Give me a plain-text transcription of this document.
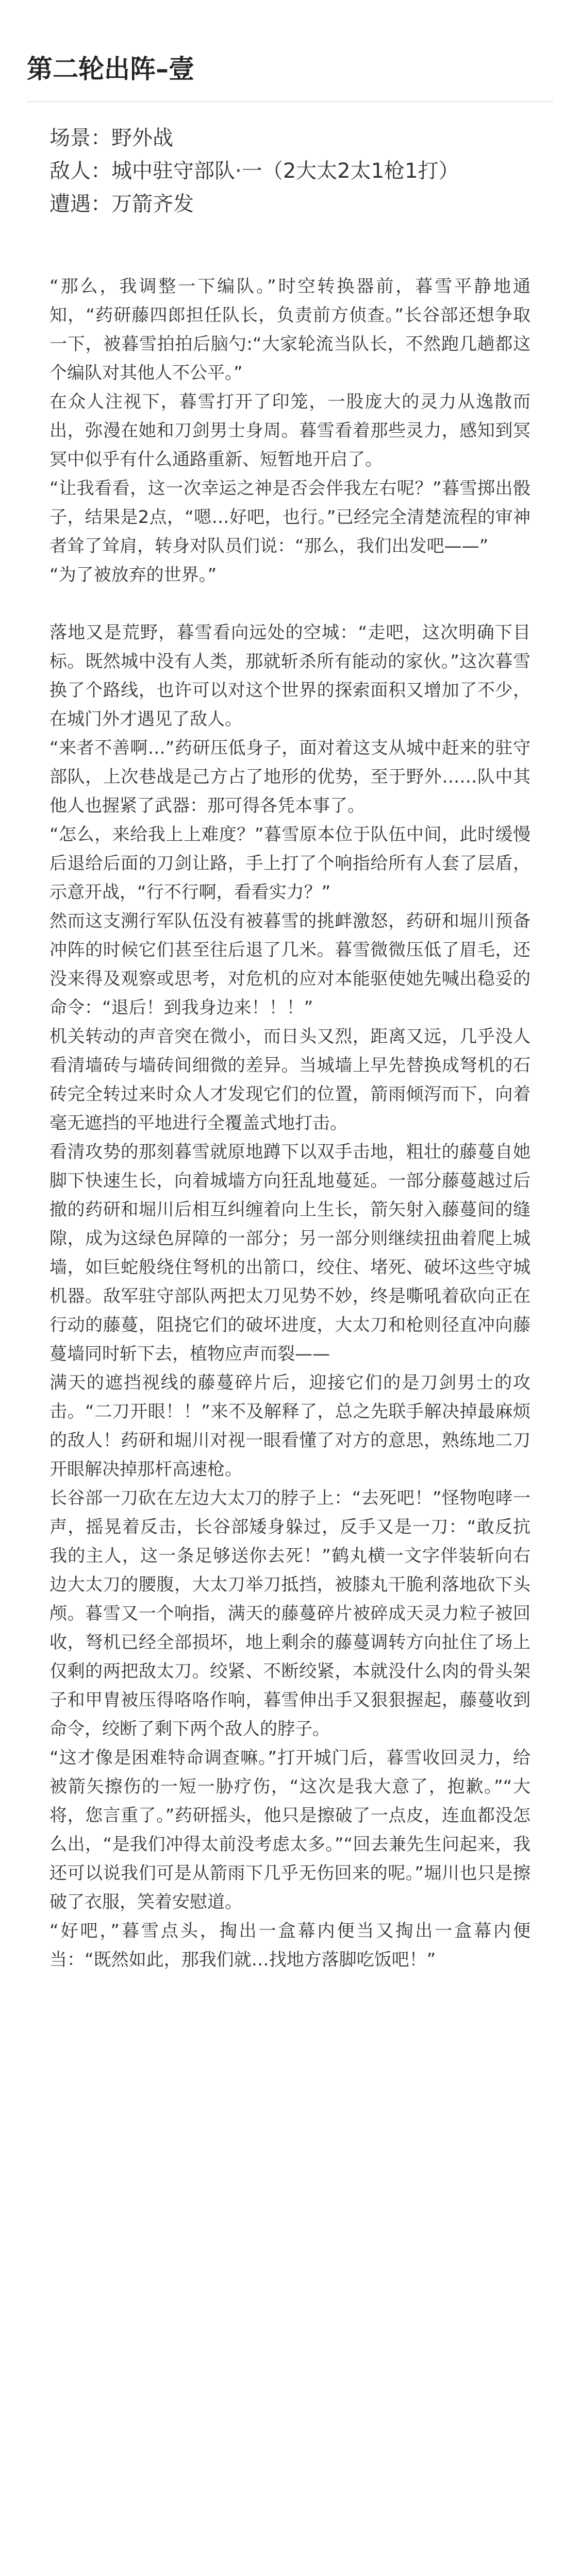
第二轮出阵–壹

场景：野外战

敌人：城中驻守部队·一（2大太2太1枪1打）

遭遇：万箭齐发

“那么，我调整一下编队。”时空转换器前，暮雪平静地通知，“药研藤四郎担任队长，负责前方侦查。”长谷部还想争取一下，被暮雪拍拍后脑勺:“大家轮流当队长，不然跑几趟都这个编队对其他人不公平。”

在众人注视下，暮雪打开了印笼，一股庞大的灵力从逸散而出，弥漫在她和刀剑男士身周。暮雪看着那些灵力，感知到冥冥中似乎有什么通路重新、短暂地开启了。

“让我看看，这一次幸运之神是否会伴我左右呢？”暮雪掷出骰子，结果是2点，“嗯…好吧，也行。”已经完全清楚流程的审神者耸了耸肩，转身对队员们说：“那么，我们出发吧——”

“为了被放弃的世界。”

落地又是荒野，暮雪看向远处的空城：“走吧，这次明确下目标。既然城中没有人类，那就斩杀所有能动的家伙。”这次暮雪换了个路线，也许可以对这个世界的探索面积又增加了不少，在城门外才遇见了敌人。

“来者不善啊…”药研压低身子，面对着这支从城中赶来的驻守部队，上次巷战是己方占了地形的优势，至于野外……队中其他人也握紧了武器：那可得各凭本事了。

“怎么，来给我上上难度？”暮雪原本位于队伍中间，此时缓慢后退给后面的刀剑让路，手上打了个响指给所有人套了层盾，示意开战，“行不行啊，看看实力？”

然而这支溯行军队伍没有被暮雪的挑衅激怒，药研和堀川预备冲阵的时候它们甚至往后退了几米。暮雪微微压低了眉毛，还没来得及观察或思考，对危机的应对本能驱使她先喊出稳妥的命令：“退后！到我身边来！！！”

机关转动的声音突在微小，而日头又烈，距离又远，几乎没人看清墙砖与墙砖间细微的差异。当城墙上早先替换成弩机的石砖完全转过来时众人才发现它们的位置，箭雨倾泻而下，向着毫无遮挡的平地进行全覆盖式地打击。

看清攻势的那刻暮雪就原地蹲下以双手击地，粗壮的藤蔓自她脚下快速生长，向着城墙方向狂乱地蔓延。一部分藤蔓越过后撤的药研和堀川后相互纠缠着向上生长，箭矢射入藤蔓间的缝隙，成为这绿色屏障的一部分；另一部分则继续扭曲着爬上城墙，如巨蛇般绕住弩机的出箭口，绞住、堵死、破坏这些守城机器。敌军驻守部队两把太刀见势不妙，终是嘶吼着砍向正在行动的藤蔓，阻挠它们的破坏进度，大太刀和枪则径直冲向藤蔓墙同时斩下去，植物应声而裂——

满天的遮挡视线的藤蔓碎片后，迎接它们的是刀剑男士的攻击。“二刀开眼！！”来不及解释了，总之先联手解决掉最麻烦的敌人！药研和堀川对视一眼看懂了对方的意思，熟练地二刀开眼解决掉那杆高速枪。

长谷部一刀砍在左边大太刀的脖子上：“去死吧！”怪物咆哮一声，摇晃着反击，长谷部矮身躲过，反手又是一刀：“敢反抗我的主人，这一条足够送你去死！”鹤丸横一文字伴装斩向右边大太刀的腰腹，大太刀举刀抵挡，被膝丸干脆利落地砍下头颅。暮雪又一个响指，满天的藤蔓碎片被碎成天灵力粒子被回收，弩机已经全部损坏，地上剩余的藤蔓调转方向扯住了场上仅剩的两把敌太刀。绞紧、不断绞紧，本就没什么肉的骨头架子和甲胄被压得咯咯作响，暮雪伸出手又狠狠握起，藤蔓收到命令，绞断了剩下两个敌人的脖子。

“这才像是困难特命调查嘛。”打开城门后，暮雪收回灵力，给被箭矢擦伤的一短一胁疗伤，“这次是我大意了，抱歉。”“大将，您言重了。”药研摇头，他只是擦破了一点皮，连血都没怎么出，“是我们冲得太前没考虑太多。”“回去兼先生问起来，我还可以说我们可是从箭雨下几乎无伤回来的呢。”堀川也只是擦破了衣服，笑着安慰道。

“好吧，”暮雪点头，掏出一盒幕内便当又掏出一盒幕内便当：“既然如此，那我们就…找地方落脚吃饭吧！”
